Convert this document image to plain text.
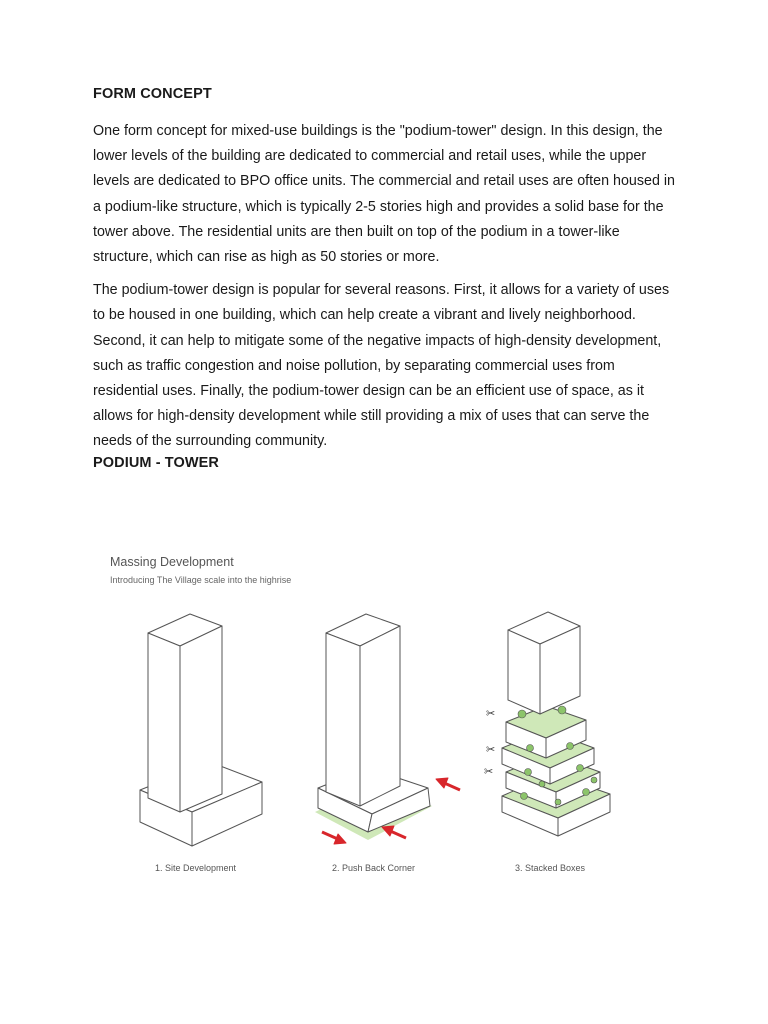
FORM CONCEPT

One form concept for mixed-use buildings is the "podium-tower" design. In this design, the lower levels of the building are dedicated to commercial and retail uses, while the upper levels are dedicated to BPO office units. The commercial and retail uses are often housed in a podium-like structure, which is typically 2-5 stories high and provides a solid base for the tower above. The residential units are then built on top of the podium in a tower-like structure, which can rise as high as 50 stories or more.

The podium-tower design is popular for several reasons. First, it allows for a variety of uses to be housed in one building, which can help create a vibrant and lively neighborhood. Second, it can help to mitigate some of the negative impacts of high-density development, such as traffic congestion and noise pollution, by separating commercial uses from residential uses. Finally, the podium-tower design can be an efficient use of space, as it allows for high-density development while still providing a mix of uses that can serve the needs of the surrounding community.

PODIUM - TOWER
Massing Development
Introducing The Village scale into the highrise
✂
✂
✂
1. Site Development	2. Push Back Corner	3. Stacked Boxes
